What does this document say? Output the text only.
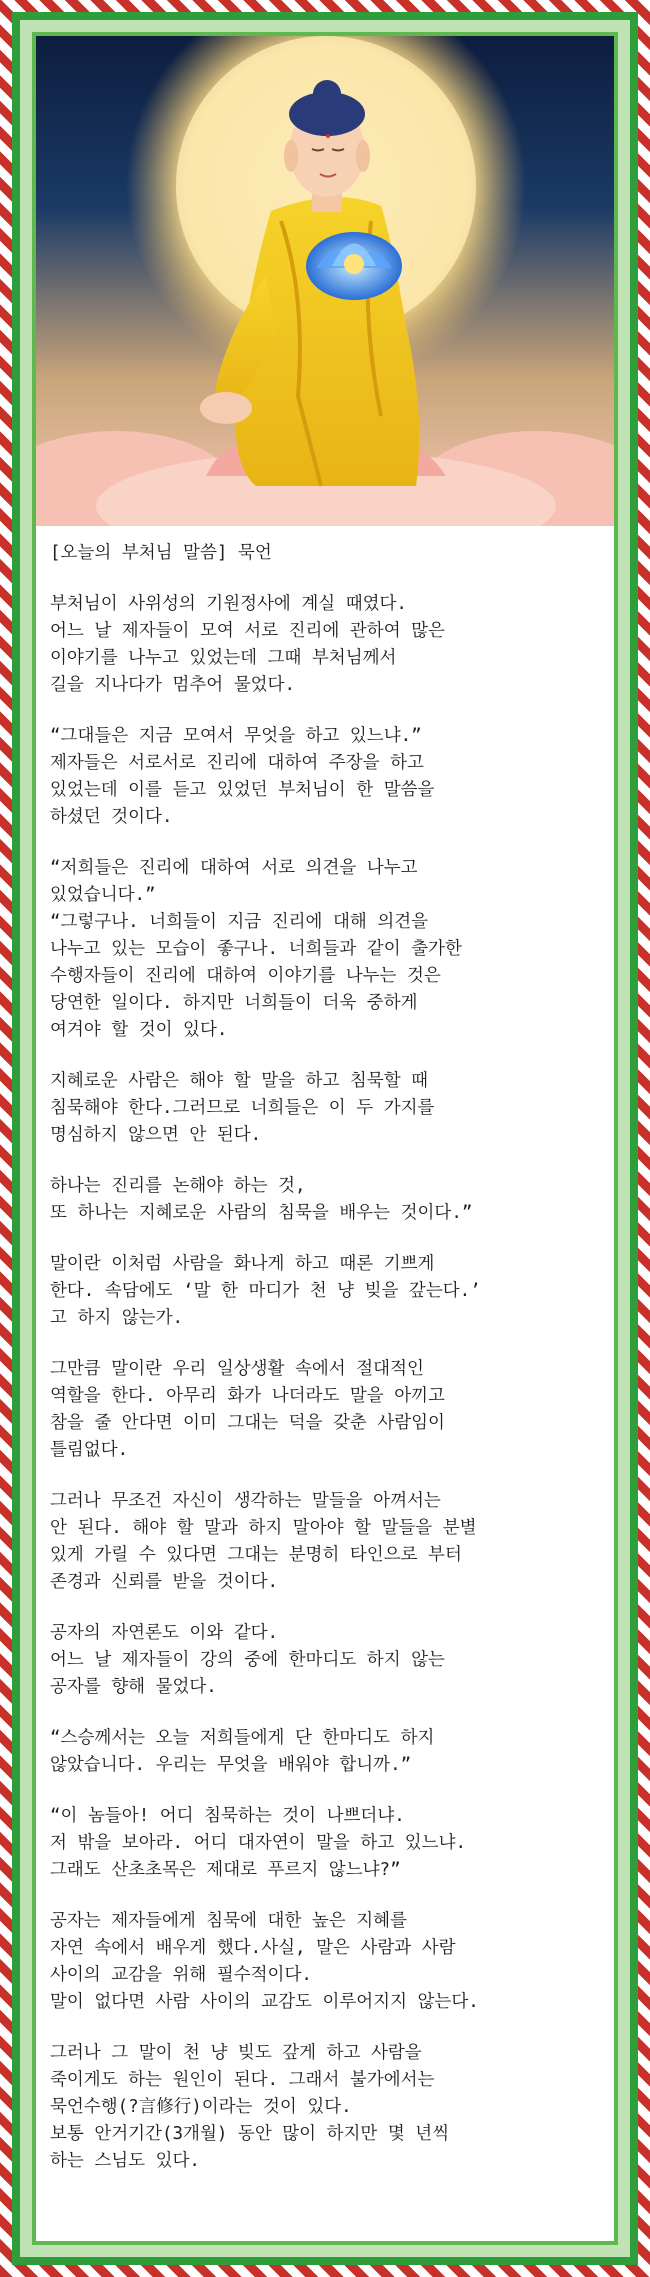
[오늘의 부처님 말씀] 묵언

부처님이 사위성의 기원정사에 계실 때였다.
어느 날 제자들이 모여 서로 진리에 관하여 많은
이야기를 나누고 있었는데 그때 부처님께서
길을 지나다가 멈추어 물었다.

“그대들은 지금 모여서 무엇을 하고 있느냐.”
제자들은 서로서로 진리에 대하여 주장을 하고
있었는데 이를 듣고 있었던 부처님이 한 말씀을
하셨던 것이다.

“저희들은 진리에 대하여 서로 의견을 나누고
있었습니다.”
“그렇구나. 너희들이 지금 진리에 대해 의견을
나누고 있는 모습이 좋구나. 너희들과 같이 출가한
수행자들이 진리에 대하여 이야기를 나누는 것은
당연한 일이다. 하지만 너희들이 더욱 중하게
여겨야 할 것이 있다.

지혜로운 사람은 해야 할 말을 하고 침묵할 때
침묵해야 한다.그러므로 너희들은 이 두 가지를
명심하지 않으면 안 된다.

하나는 진리를 논해야 하는 것,
또 하나는 지혜로운 사람의 침묵을 배우는 것이다.”

말이란 이처럼 사람을 화나게 하고 때론 기쁘게
한다. 속담에도 ‘말 한 마디가 천 냥 빚을 갚는다.’
고 하지 않는가.

그만큼 말이란 우리 일상생활 속에서 절대적인
역할을 한다. 아무리 화가 나더라도 말을 아끼고
참을 줄 안다면 이미 그대는 덕을 갖춘 사람임이
틀림없다.

그러나 무조건 자신이 생각하는 말들을 아껴서는
안 된다. 해야 할 말과 하지 말아야 할 말들을 분별
있게 가릴 수 있다면 그대는 분명히 타인으로 부터
존경과 신뢰를 받을 것이다.

공자의 자연론도 이와 같다.
어느 날 제자들이 강의 중에 한마디도 하지 않는
공자를 향해 물었다.

“스승께서는 오늘 저희들에게 단 한마디도 하지
않았습니다. 우리는 무엇을 배워야 합니까.”

“이 놈들아! 어디 침묵하는 것이 나쁘더냐.
저 밖을 보아라. 어디 대자연이 말을 하고 있느냐.
그래도 산초초목은 제대로 푸르지 않느냐?”

공자는 제자들에게 침묵에 대한 높은 지혜를
자연 속에서 배우게 했다.사실, 말은 사람과 사람
사이의 교감을 위해 필수적이다.
말이 없다면 사람 사이의 교감도 이루어지지 않는다.

그러나 그 말이 천 냥 빚도 갚게 하고 사람을
죽이게도 하는 원인이 된다. 그래서 불가에서는
묵언수행(?言修行)이라는 것이 있다.
보통 안거기간(3개월) 동안 많이 하지만 몇 년씩
하는 스님도 있다.
